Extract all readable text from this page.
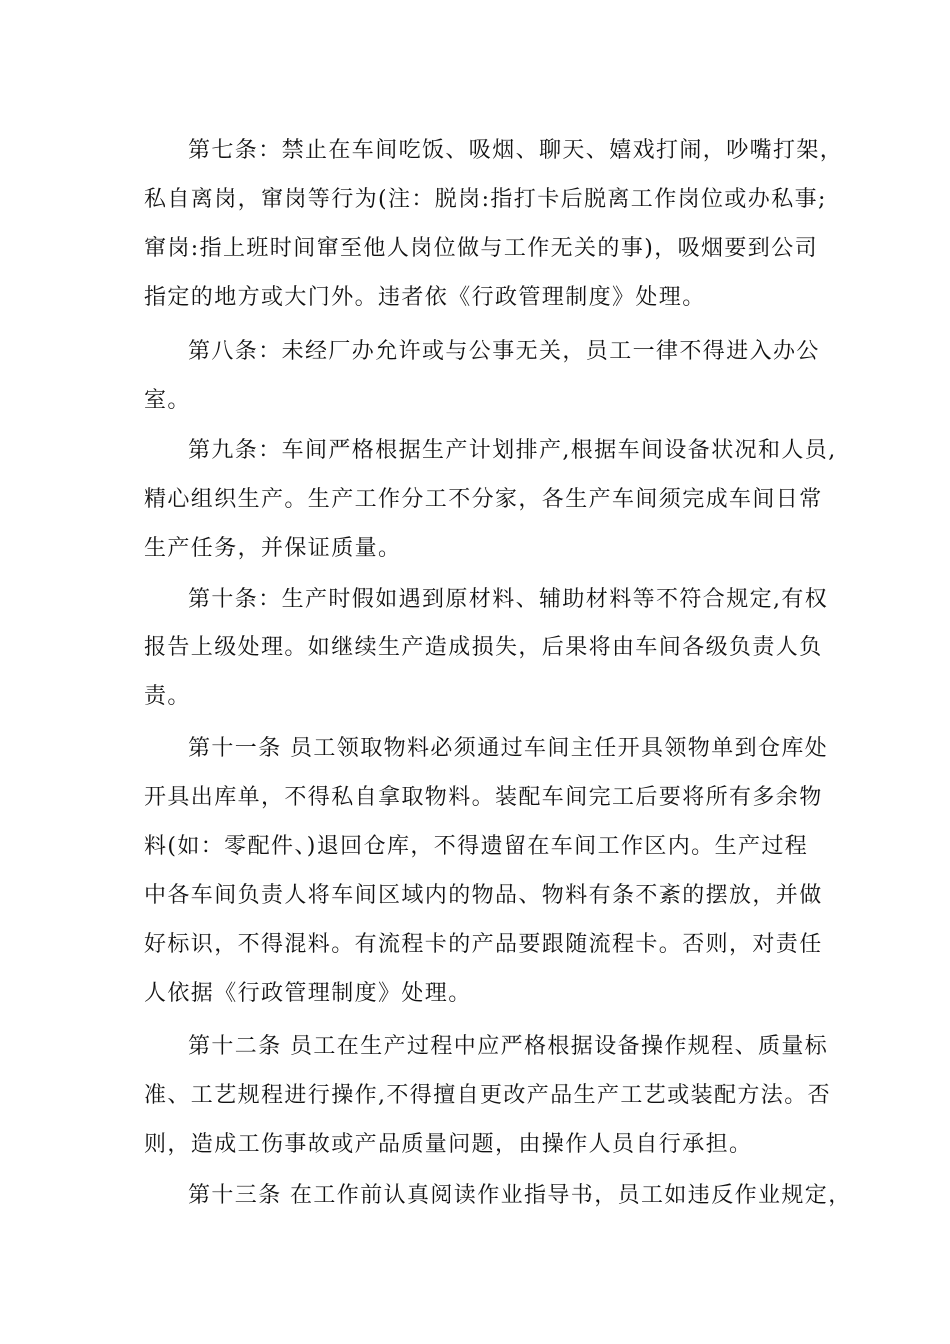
第七条：禁止在车间吃饭、吸烟、聊天、嬉戏打闹，吵嘴打架，
私自离岗，窜岗等行为(注：脱岗:指打卡后脱离工作岗位或办私事;
窜岗:指上班时间窜至他人岗位做与工作无关的事)，吸烟要到公司
指定的地方或大门外。违者依《行政管理制度》处理。
第八条：未经厂办允许或与公事无关，员工一律不得进入办公
室。
第九条：车间严格根据生产计划排产,根据车间设备状况和人员,
精心组织生产。生产工作分工不分家，各生产车间须完成车间日常
生产任务，并保证质量。
第十条：生产时假如遇到原材料、辅助材料等不符合规定,有权
报告上级处理。如继续生产造成损失，后果将由车间各级负责人负
责。
第十一条 员工领取物料必须通过车间主任开具领物单到仓库处
开具出库单，不得私自拿取物料。装配车间完工后要将所有多余物
料(如：零配件、)退回仓库，不得遗留在车间工作区内。生产过程
中各车间负责人将车间区域内的物品、物料有条不紊的摆放，并做
好标识，不得混料。有流程卡的产品要跟随流程卡。否则，对责任
人依据《行政管理制度》处理。
第十二条 员工在生产过程中应严格根据设备操作规程、质量标
准、工艺规程进行操作,不得擅自更改产品生产工艺或装配方法。否
则，造成工伤事故或产品质量问题，由操作人员自行承担。
第十三条 在工作前认真阅读作业指导书，员工如违反作业规定，
